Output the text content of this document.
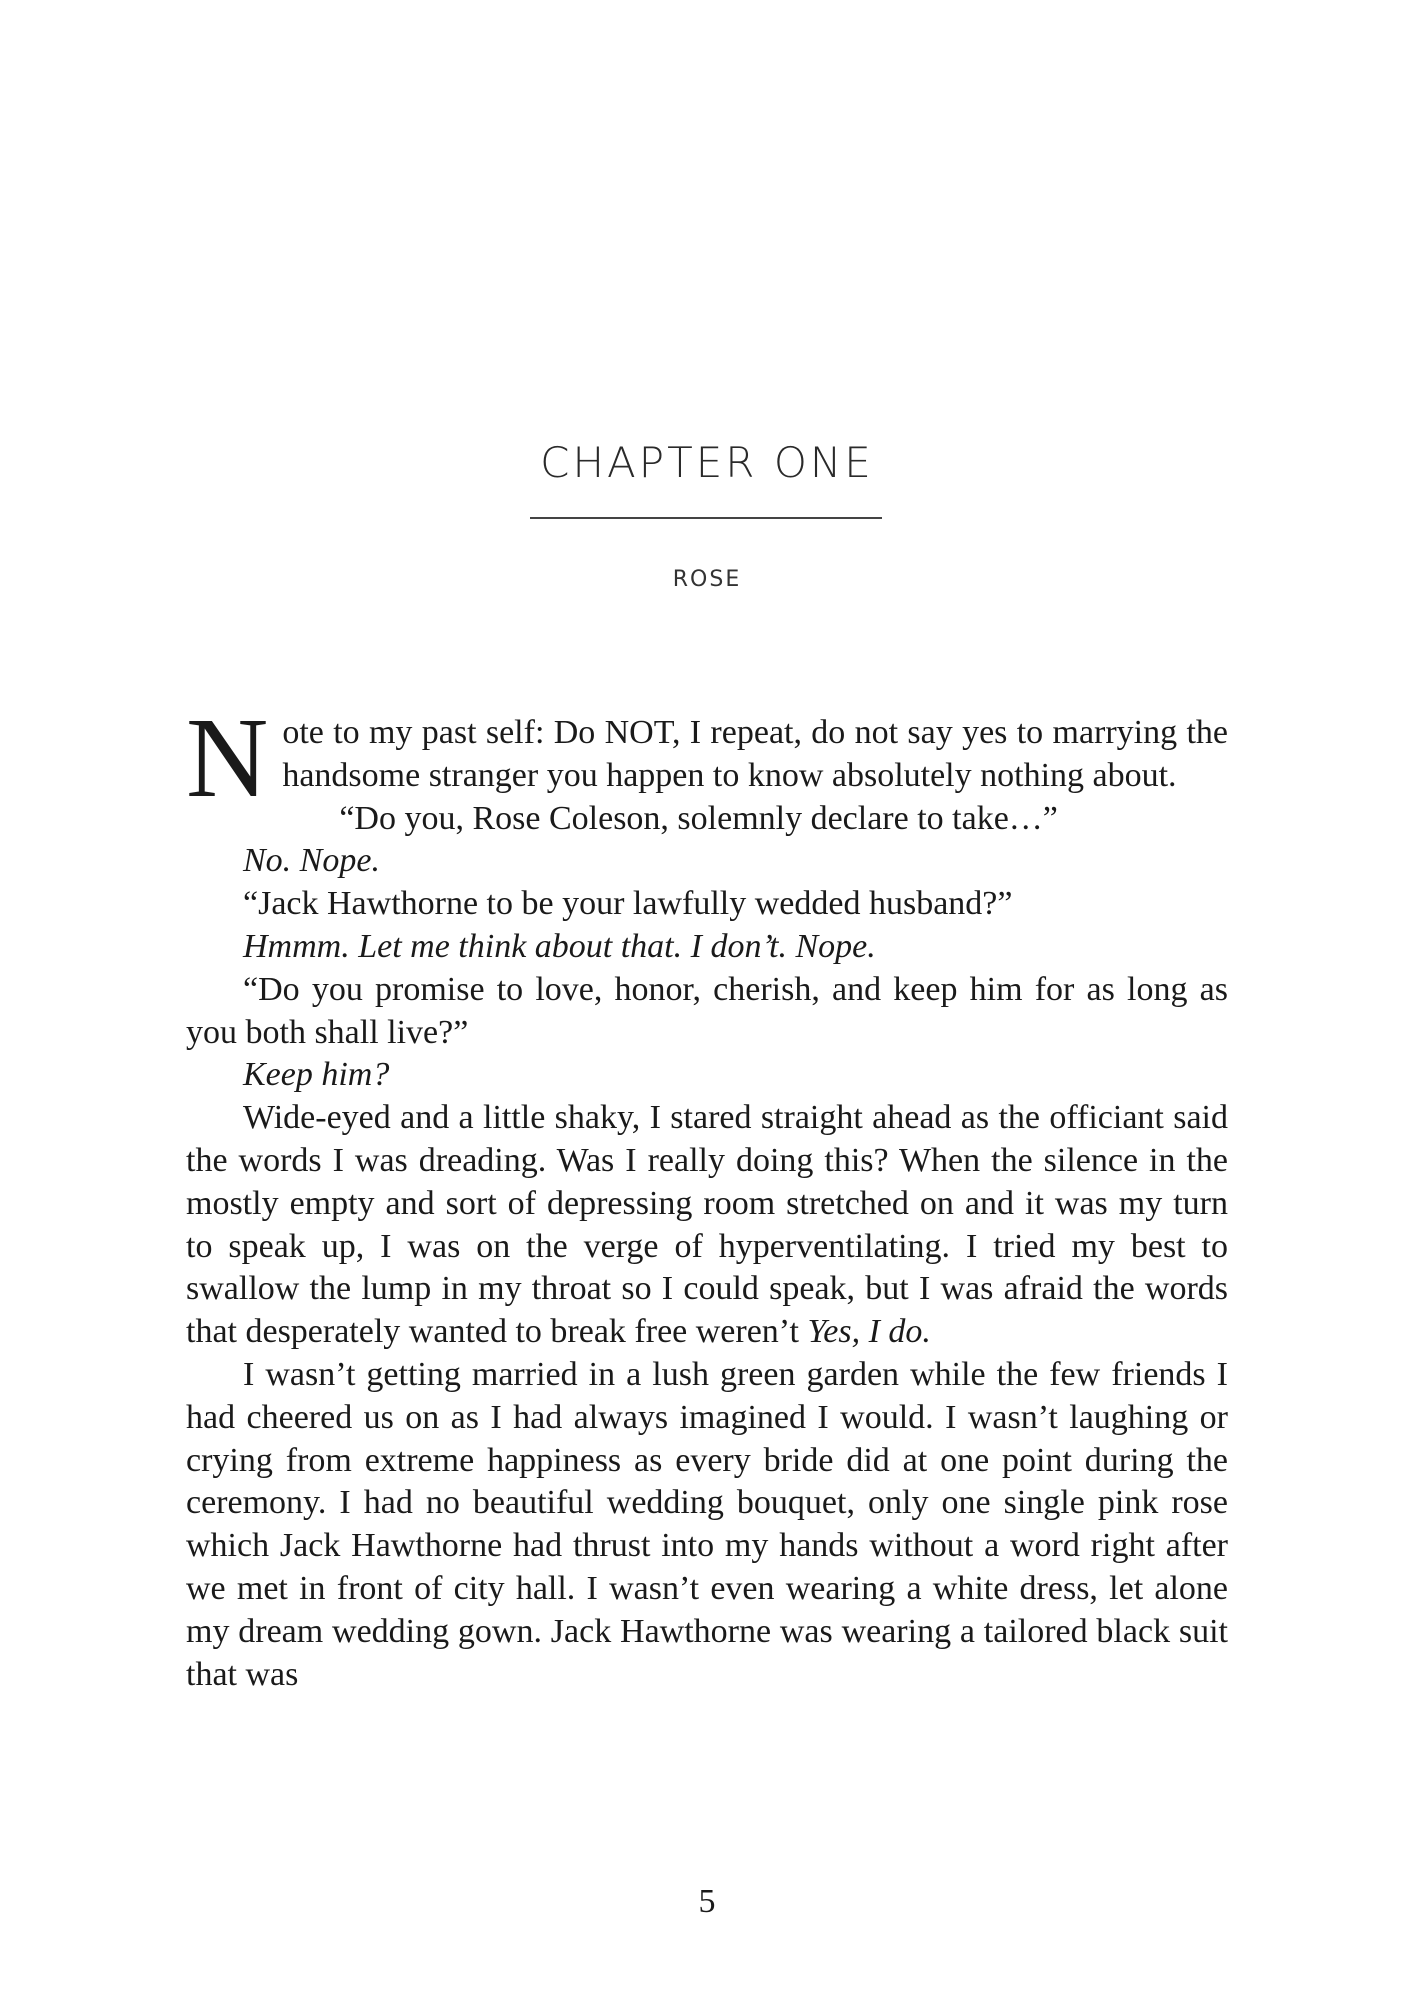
CHAPTER ONE
ROSE

Note to my past self: Do NOT, I repeat, do not say yes to marrying the handsome stranger you happen to know absolutely nothing about.

“Do you, Rose Coleson, solemnly declare to take…”

No. Nope.

“Jack Hawthorne to be your lawfully wedded husband?”

Hmmm. Let me think about that. I don’t. Nope.

“Do you promise to love, honor, cherish, and keep him for as long as you both shall live?”

Keep him?

Wide-eyed and a little shaky, I stared straight ahead as the officiant said the words I was dreading. Was I really doing this? When the silence in the mostly empty and sort of depressing room stretched on and it was my turn to speak up, I was on the verge of hyperventilating. I tried my best to swallow the lump in my throat so I could speak, but I was afraid the words that desperately wanted to break free weren’t Yes, I do.

I wasn’t getting married in a lush green garden while the few friends I had cheered us on as I had always imagined I would. I wasn’t laughing or crying from extreme happiness as every bride did at one point during the ceremony. I had no beautiful wedding bouquet, only one single pink rose which Jack Hawthorne had thrust into my hands without a word right after we met in front of city hall. I wasn’t even wearing a white dress, let alone my dream wedding gown. Jack Hawthorne was wearing a tailored black suit that was

5
